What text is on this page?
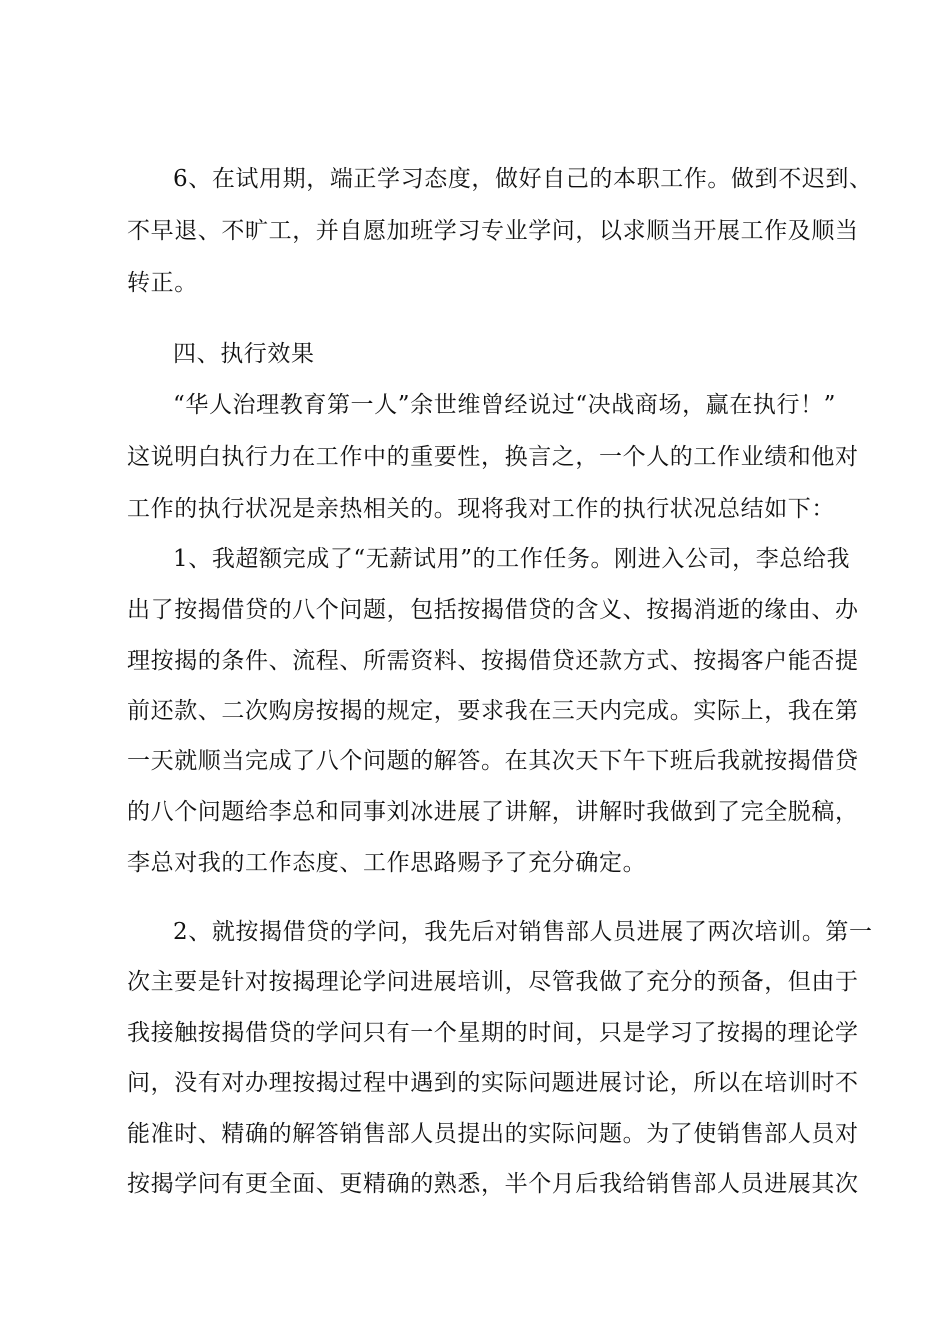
6、在试用期，端正学习态度，做好自己的本职工作。做到不迟到、
不早退、不旷工，并自愿加班学习专业学问，以求顺当开展工作及顺当
转正。
四、执行效果
“华人治理教育第一人”余世维曾经说过“决战商场，赢在执行！”
这说明白执行力在工作中的重要性，换言之，一个人的工作业绩和他对
工作的执行状况是亲热相关的。现将我对工作的执行状况总结如下：
1、我超额完成了“无薪试用”的工作任务。刚进入公司，李总给我
出了按揭借贷的八个问题，包括按揭借贷的含义、按揭消逝的缘由、办
理按揭的条件、流程、所需资料、按揭借贷还款方式、按揭客户能否提
前还款、二次购房按揭的规定，要求我在三天内完成。实际上，我在第
一天就顺当完成了八个问题的解答。在其次天下午下班后我就按揭借贷
的八个问题给李总和同事刘冰进展了讲解，讲解时我做到了完全脱稿，
李总对我的工作态度、工作思路赐予了充分确定。
2、就按揭借贷的学问，我先后对销售部人员进展了两次培训。第一
次主要是针对按揭理论学问进展培训，尽管我做了充分的预备，但由于
我接触按揭借贷的学问只有一个星期的时间，只是学习了按揭的理论学
问，没有对办理按揭过程中遇到的实际问题进展讨论，所以在培训时不
能准时、精确的解答销售部人员提出的实际问题。为了使销售部人员对
按揭学问有更全面、更精确的熟悉，半个月后我给销售部人员进展其次
